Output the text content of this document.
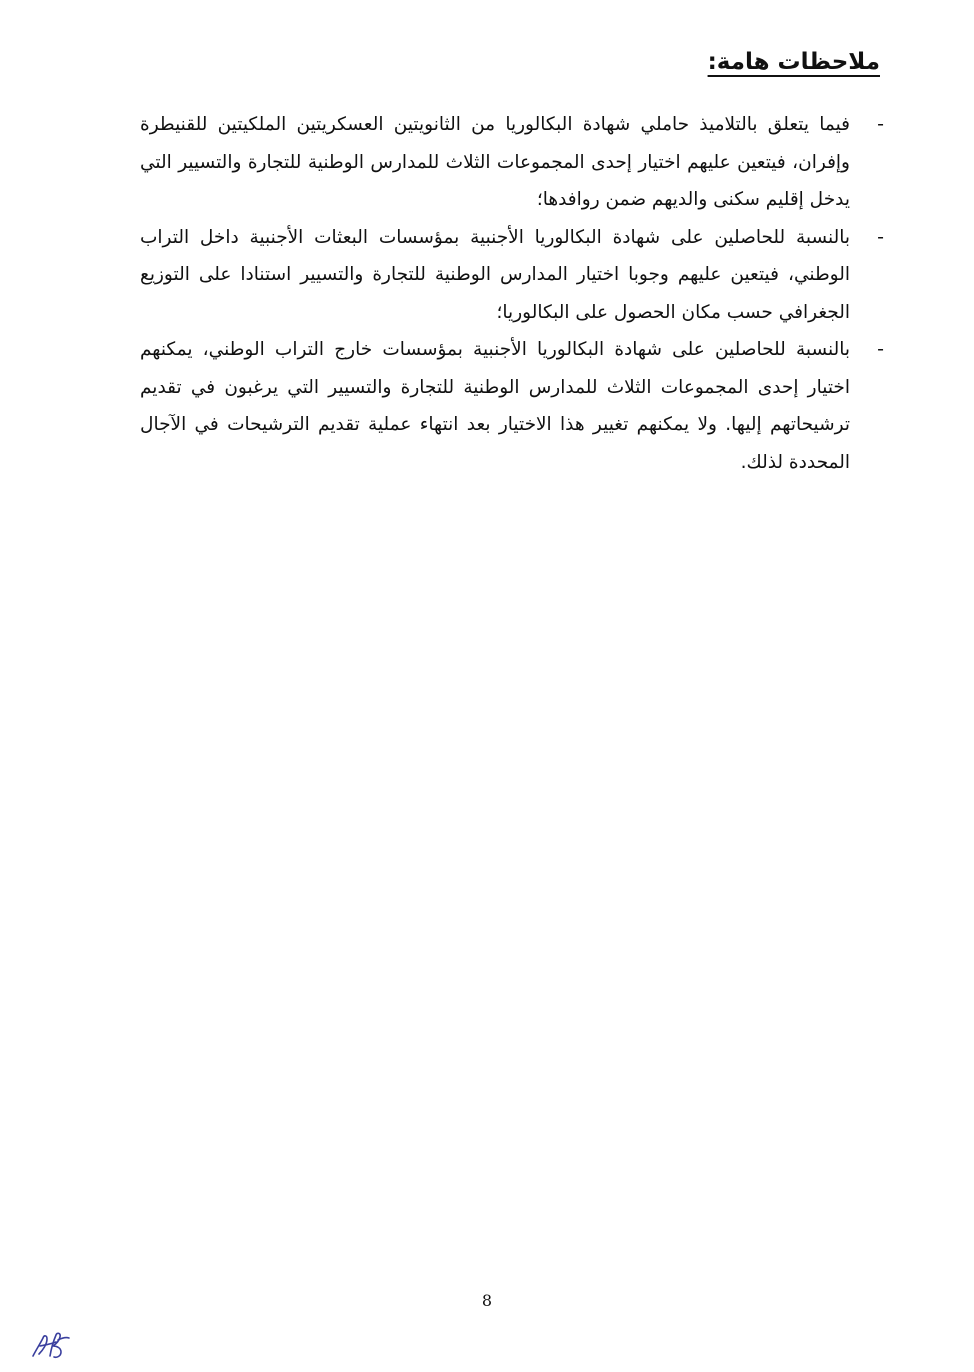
ملاحظات هامة:
-
فيما يتعلق بالتلاميذ حاملي شهادة البكالوريا من الثانويتين العسكريتين الملكيتين للقنيطرة وإفران، فيتعين عليهم اختيار إحدى المجموعات الثلاث للمدارس الوطنية للتجارة والتسيير التي يدخل إقليم سكنى والديهم ضمن روافدها؛
-
بالنسبة للحاصلين على شهادة البكالوريا الأجنبية بمؤسسات البعثات الأجنبية داخل التراب الوطني، فيتعين عليهم وجوبا اختيار المدارس الوطنية للتجارة والتسيير استنادا على التوزيع الجغرافي حسب مكان الحصول على البكالوريا؛
-
بالنسبة للحاصلين على شهادة البكالوريا الأجنبية بمؤسسات خارج التراب الوطني، يمكنهم اختيار إحدى المجموعات الثلاث للمدارس الوطنية للتجارة والتسيير التي يرغبون في تقديم ترشيحاتهم إليها. ولا يمكنهم تغيير هذا الاختيار بعد انتهاء عملية تقديم الترشيحات في الآجال المحددة لذلك.
8
